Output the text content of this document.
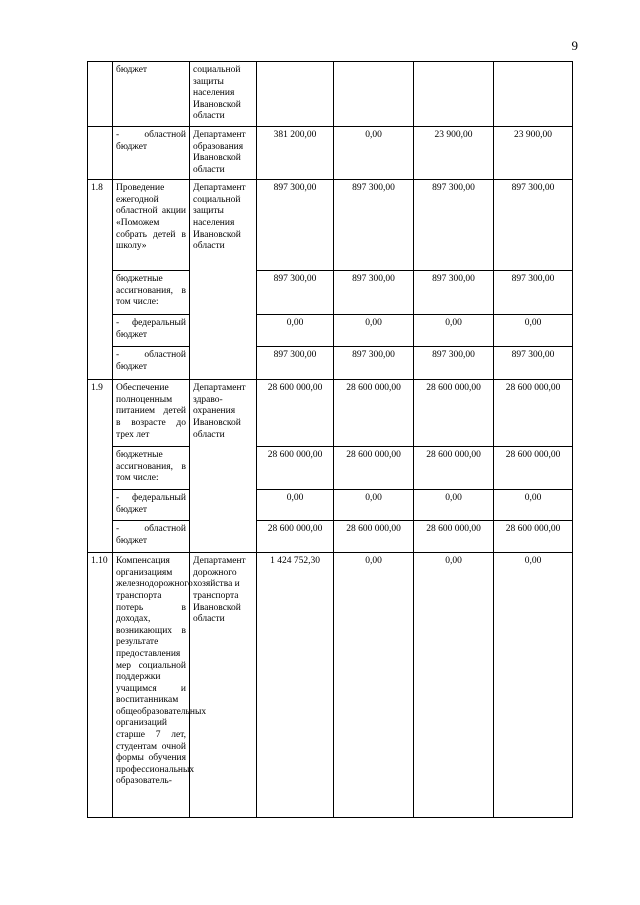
9
	бюджет	социальной защиты населения Ивановской области				
	- областной бюджет	Департамент образования Ивановской области	381 200,00	0,00	23 900,00	23 900,00
1.8	Проведение ежегодной областной акции «Поможем собрать детей в школу»	Департамент социальной защиты населения Ивановской области	897 300,00	897 300,00	897 300,00	897 300,00
	бюджетные ассигнования, в том числе:		897 300,00	897 300,00	897 300,00	897 300,00
	- федеральный бюджет		0,00	0,00	0,00	0,00
	- областной бюджет		897 300,00	897 300,00	897 300,00	897 300,00
1.9	Обеспечение полноценным питанием детей в возрасте до трех лет	Департамент здраво-охранения Ивановской области	28 600 000,00	28 600 000,00	28 600 000,00	28 600 000,00
	бюджетные ассигнования, в том числе:		28 600 000,00	28 600 000,00	28 600 000,00	28 600 000,00
	- федеральный бюджет		0,00	0,00	0,00	0,00
	- областной бюджет		28 600 000,00	28 600 000,00	28 600 000,00	28 600 000,00
1.10	Компенсация организациям железнодорожного транспорта потерь в доходах, возникающих в результате предоставления мер социальной поддержки учащимся и воспитанникам общеобразовательных организаций старше 7 лет, студентам очной формы обучения профессиональных образователь-	Департамент дорожного хозяйства и транспорта Ивановской области	1 424 752,30	0,00	0,00	0,00
